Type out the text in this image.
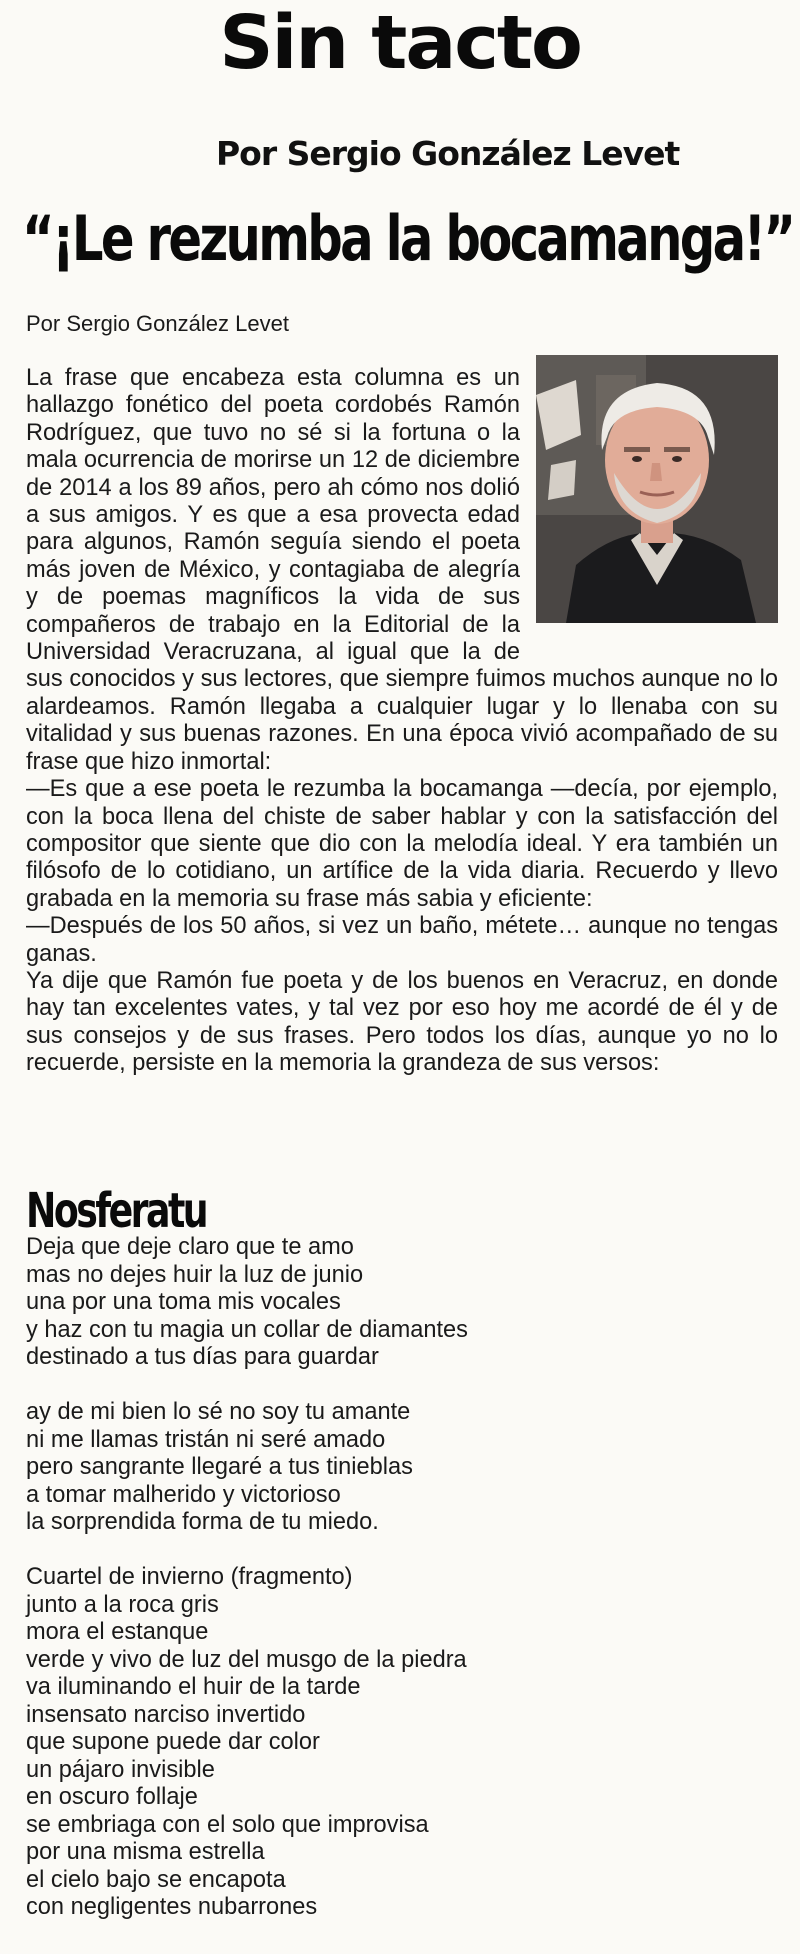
Sin tacto
Por Sergio González Levet
“¡Le rezumba la bocamanga!”
Por Sergio González Levet

La frase que encabeza esta columna es un hallazgo fonético del poeta cordobés Ramón Rodríguez, que tuvo no sé si la fortuna o la mala ocurrencia de morirse un 12 de diciembre de 2014 a los 89 años, pero ah cómo nos dolió a sus amigos. Y es que a esa provecta edad para algunos, Ramón seguía siendo el poeta más joven de México, y contagiaba de alegría y de poemas magníficos la vida de sus compañeros de trabajo en la Editorial de la Universidad Veracruzana, al igual que la de sus conocidos y sus lectores, que siempre fuimos muchos aunque no lo alardeamos. Ramón llegaba a cualquier lugar y lo llenaba con su vitalidad y sus buenas razones. En una época vivió acompañado de su frase que hizo inmortal:

—Es que a ese poeta le rezumba la bocamanga —decía, por ejemplo, con la boca llena del chiste de saber hablar y con la satisfacción del compositor que siente que dio con la melodía ideal. Y era también un filósofo de lo cotidiano, un artífice de la vida diaria. Recuerdo y llevo grabada en la memoria su frase más sabia y eficiente:

—Después de los 50 años, si vez un baño, métete… aunque no tengas ganas.

Ya dije que Ramón fue poeta y de los buenos en Veracruz, en donde hay tan excelentes vates, y tal vez por eso hoy me acordé de él y de sus consejos y de sus frases. Pero todos los días, aunque yo no lo recuerde, persiste en la memoria la grandeza de sus versos:

Nosferatu
Deja que deje claro que te amo
mas no dejes huir la luz de junio
una por una toma mis vocales
y haz con tu magia un collar de diamantes
destinado a tus días para guardar
ay de mi bien lo sé no soy tu amante
ni me llamas tristán ni seré amado
pero sangrante llegaré a tus tinieblas
a tomar malherido y victorioso
la sorprendida forma de tu miedo.
Cuartel de invierno (fragmento)
junto a la roca gris
mora el estanque
verde y vivo de luz del musgo de la piedra
va iluminando el huir de la tarde
insensato narciso invertido
que supone puede dar color
un pájaro invisible
en oscuro follaje
se embriaga con el solo que improvisa
por una misma estrella
el cielo bajo se encapota
con negligentes nubarrones
